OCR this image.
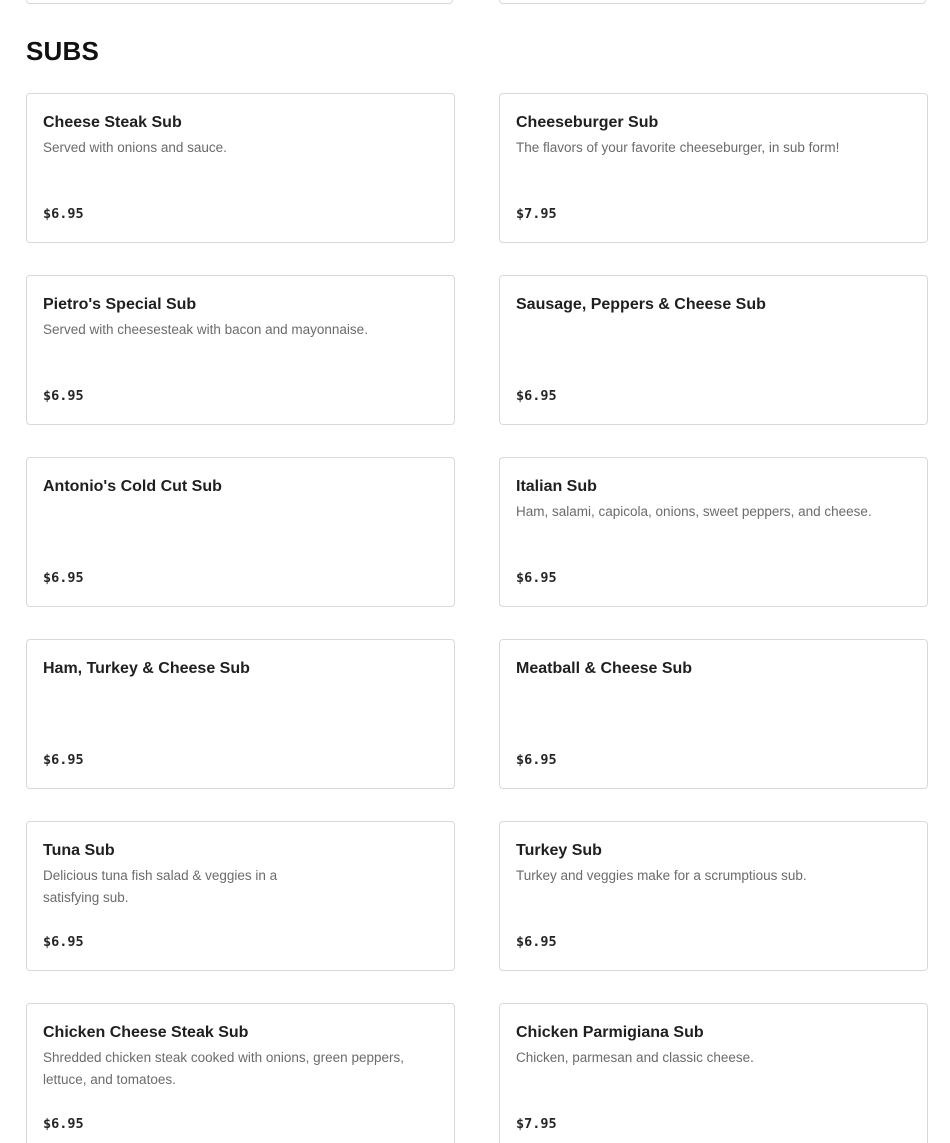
SUBS
Cheese Steak Sub
Served with onions and sauce.
$6.95
Cheeseburger Sub
The flavors of your favorite cheeseburger, in sub form!
$7.95
Pietro's Special Sub
Served with cheesesteak with bacon and mayonnaise.
$6.95
Sausage, Peppers & Cheese Sub
$6.95
Antonio's Cold Cut Sub
$6.95
Italian Sub
Ham, salami, capicola, onions, sweet peppers, and cheese.
$6.95
Ham, Turkey & Cheese Sub
$6.95
Meatball & Cheese Sub
$6.95
Tuna Sub
Delicious tuna fish salad & veggies in a satisfying sub.
$6.95
Turkey Sub
Turkey and veggies make for a scrumptious sub.
$6.95
Chicken Cheese Steak Sub
Shredded chicken steak cooked with onions, green peppers, lettuce, and tomatoes.
$6.95
Chicken Parmigiana Sub
Chicken, parmesan and classic cheese.
$7.95
